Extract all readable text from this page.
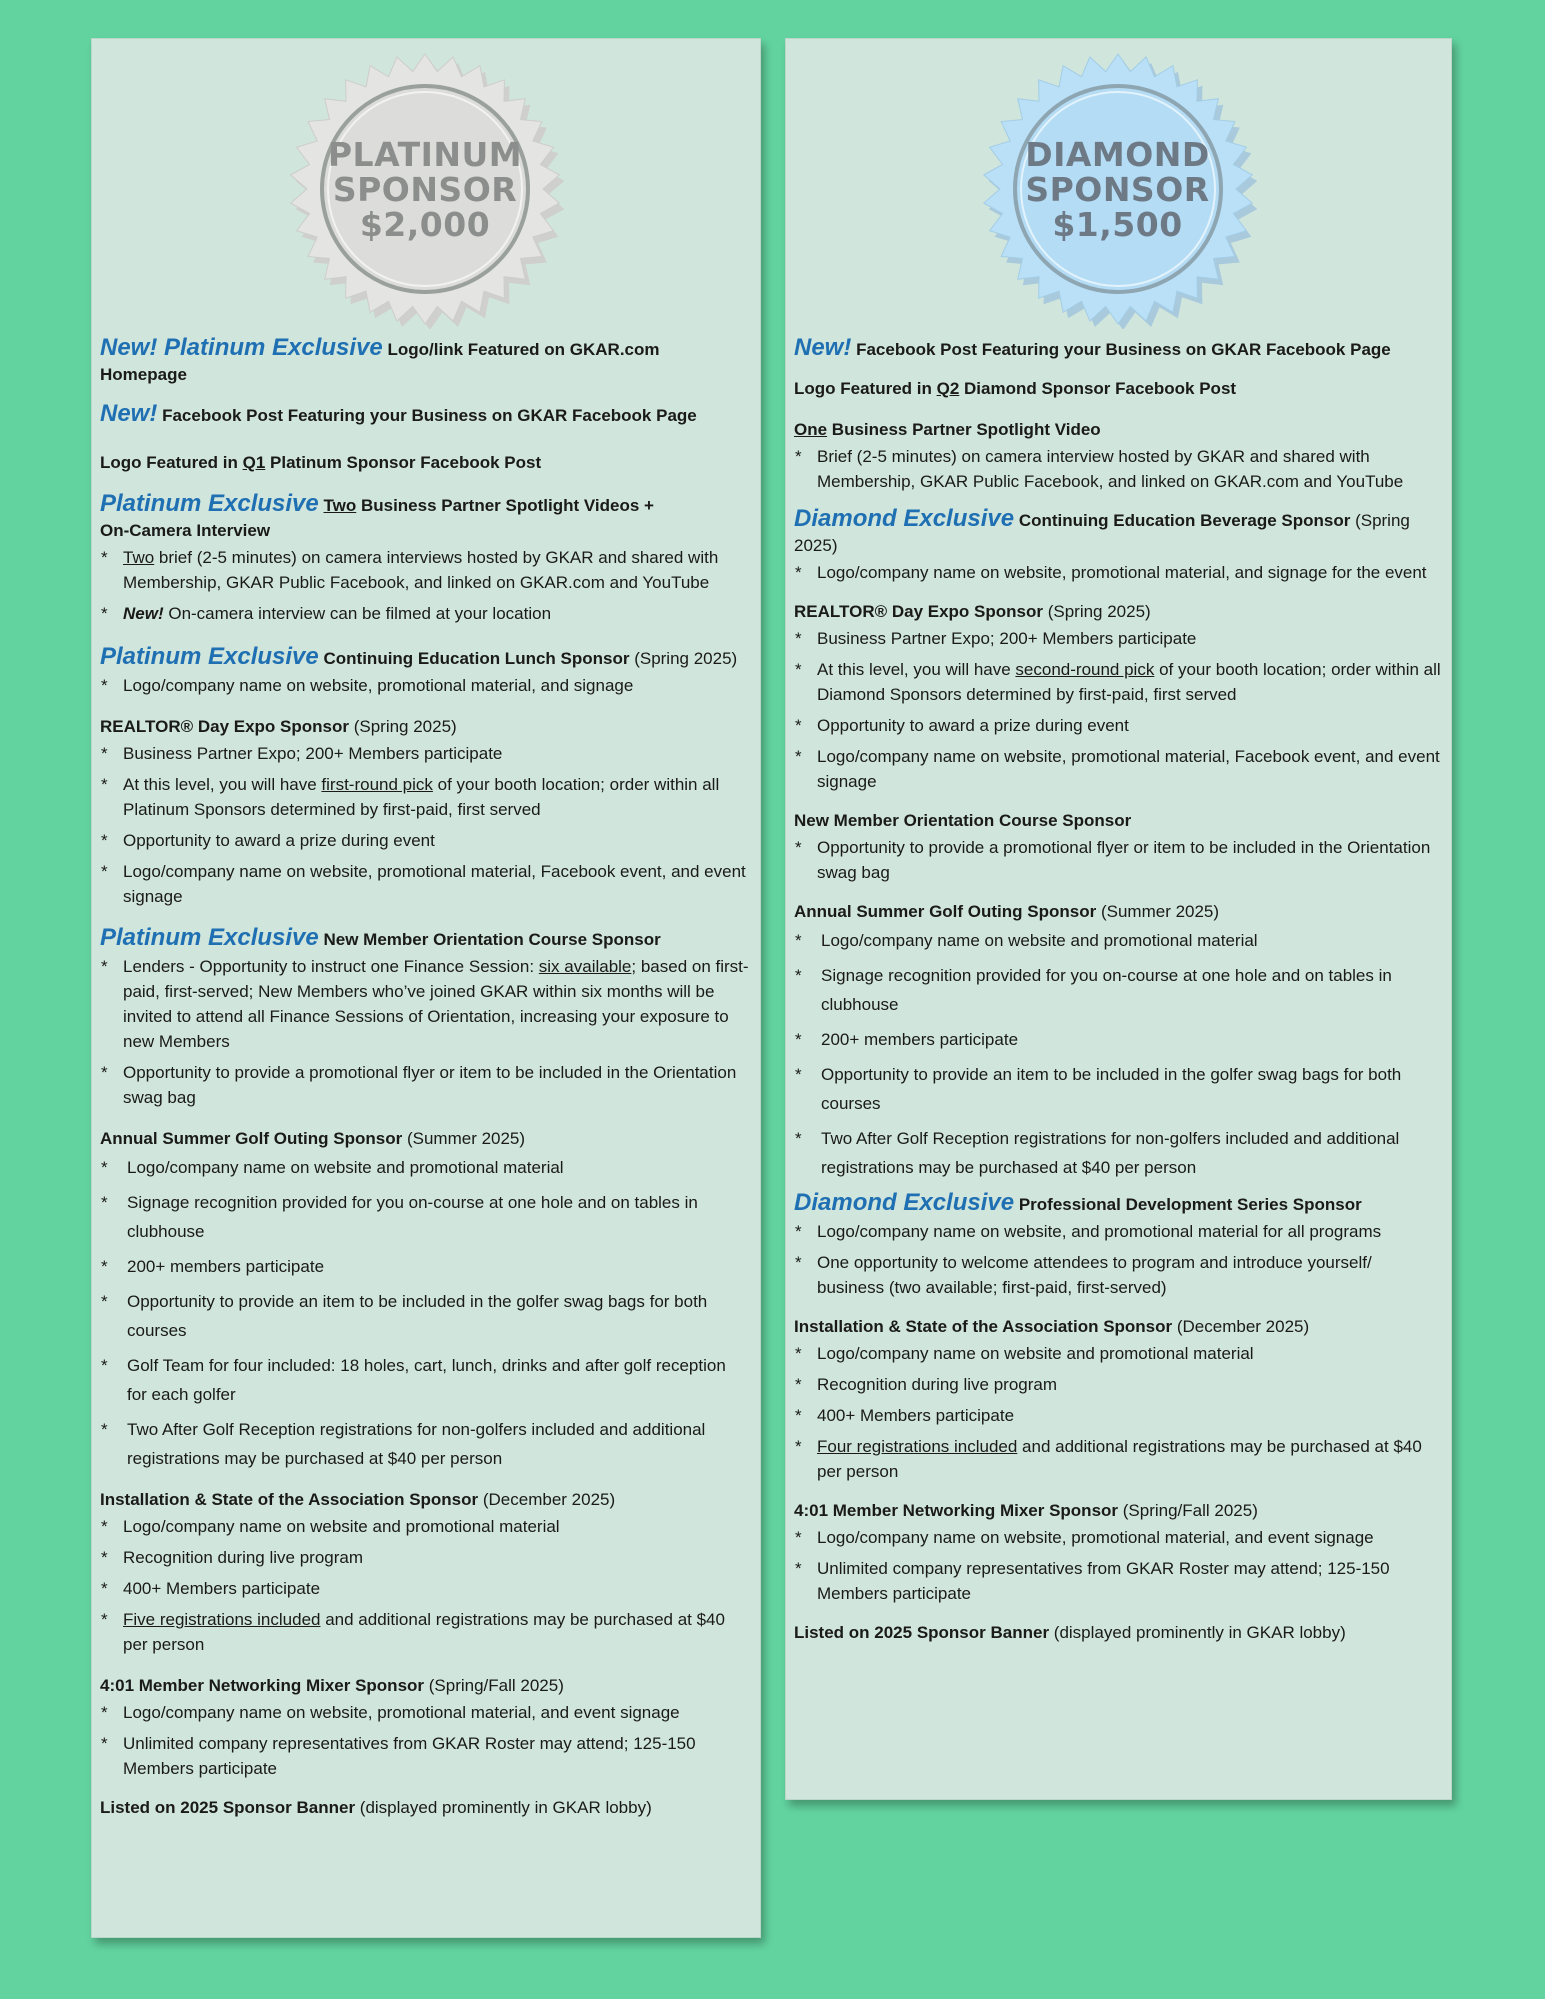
PLATINUM
SPONSOR
$2,000
New! Platinum Exclusive Logo/link Featured on GKAR.com Homepage
New! Facebook Post Featuring your Business on GKAR Facebook Page
Logo Featured in Q1 Platinum Sponsor Facebook Post
Platinum Exclusive Two Business Partner Spotlight Videos +
On-Camera Interview
* Two brief (2-5 minutes) on camera interviews hosted by GKAR and shared with Membership, GKAR Public Facebook, and linked on GKAR.com and YouTube
* New! On-camera interview can be filmed at your location
Platinum Exclusive Continuing Education Lunch Sponsor (Spring 2025)
* Logo/company name on website, promotional material, and signage
REALTOR® Day Expo Sponsor (Spring 2025)
* Business Partner Expo; 200+ Members participate
* At this level, you will have first-round pick of your booth location; order within all Platinum Sponsors determined by first-paid, first served
* Opportunity to award a prize during event
* Logo/company name on website, promotional material, Facebook event, and event signage
Platinum Exclusive New Member Orientation Course Sponsor
* Lenders - Opportunity to instruct one Finance Session: six available; based on first-paid, first-served; New Members who’ve joined GKAR within six months will be invited to attend all Finance Sessions of Orientation, increasing your exposure to new Members
* Opportunity to provide a promotional flyer or item to be included in the Orientation swag bag
Annual Summer Golf Outing Sponsor (Summer 2025)
* Logo/company name on website and promotional material
* Signage recognition provided for you on-course at one hole and on tables in clubhouse
* 200+ members participate
* Opportunity to provide an item to be included in the golfer swag bags for both courses
* Golf Team for four included: 18 holes, cart, lunch, drinks and after golf reception for each golfer
* Two After Golf Reception registrations for non-golfers included and additional registrations may be purchased at $40 per person
Installation & State of the Association Sponsor (December 2025)
* Logo/company name on website and promotional material
* Recognition during live program
* 400+ Members participate
* Five registrations included and additional registrations may be purchased at $40 per person
4:01 Member Networking Mixer Sponsor (Spring/Fall 2025)
* Logo/company name on website, promotional material, and event signage
* Unlimited company representatives from GKAR Roster may attend; 125-150 Members participate
Listed on 2025 Sponsor Banner (displayed prominently in GKAR lobby)
DIAMOND
SPONSOR
$1,500
New! Facebook Post Featuring your Business on GKAR Facebook Page
Logo Featured in Q2 Diamond Sponsor Facebook Post
One Business Partner Spotlight Video
* Brief (2-5 minutes) on camera interview hosted by GKAR and shared with Membership, GKAR Public Facebook, and linked on GKAR.com and YouTube
Diamond Exclusive Continuing Education Beverage Sponsor (Spring 2025)
* Logo/company name on website, promotional material, and signage for the event
REALTOR® Day Expo Sponsor (Spring 2025)
* Business Partner Expo; 200+ Members participate
* At this level, you will have second-round pick of your booth location; order within all Diamond Sponsors determined by first-paid, first served
* Opportunity to award a prize during event
* Logo/company name on website, promotional material, Facebook event, and event signage
New Member Orientation Course Sponsor
* Opportunity to provide a promotional flyer or item to be included in the Orientation swag bag
Annual Summer Golf Outing Sponsor (Summer 2025)
* Logo/company name on website and promotional material
* Signage recognition provided for you on-course at one hole and on tables in clubhouse
* 200+ members participate
* Opportunity to provide an item to be included in the golfer swag bags for both courses
* Two After Golf Reception registrations for non-golfers included and additional registrations may be purchased at $40 per person
Diamond Exclusive Professional Development Series Sponsor
* Logo/company name on website, and promotional material for all programs
* One opportunity to welcome attendees to program and introduce yourself/ business (two available; first-paid, first-served)
Installation & State of the Association Sponsor (December 2025)
* Logo/company name on website and promotional material
* Recognition during live program
* 400+ Members participate
* Four registrations included and additional registrations may be purchased at $40 per person
4:01 Member Networking Mixer Sponsor (Spring/Fall 2025)
* Logo/company name on website, promotional material, and event signage
* Unlimited company representatives from GKAR Roster may attend; 125-150 Members participate
Listed on 2025 Sponsor Banner (displayed prominently in GKAR lobby)
